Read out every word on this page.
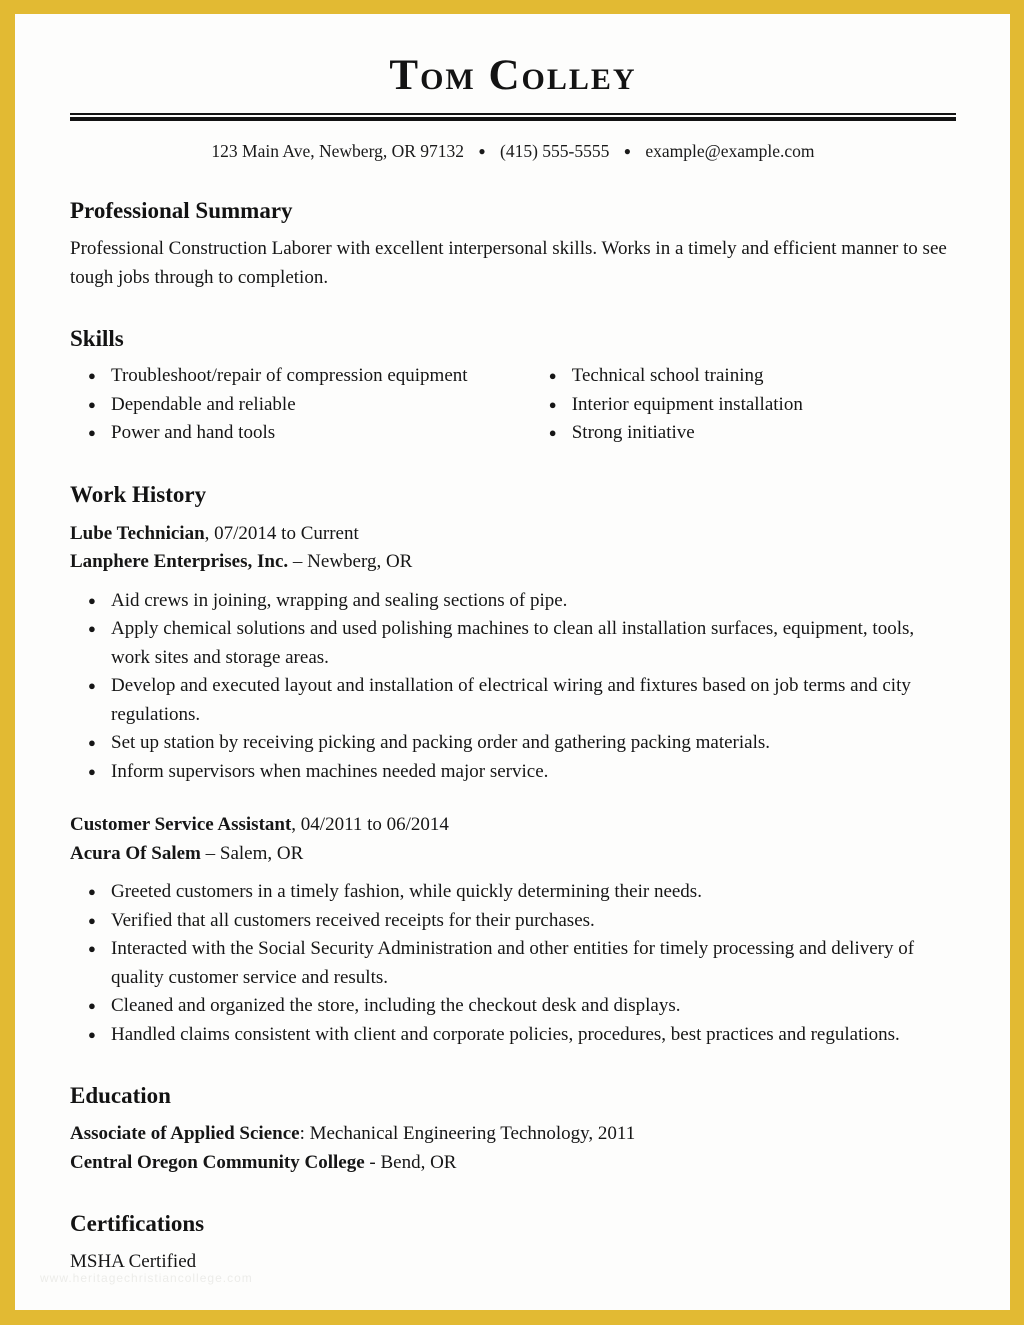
Tom Colley
123 Main Ave, Newberg, OR 97132 ● (415) 555-5555 ● example@example.com
Professional Summary

Professional Construction Laborer with excellent interpersonal skills. Works in a timely and efficient manner to see tough jobs through to completion.

Skills
● Troubleshoot/repair of compression equipment
● Dependable and reliable
● Power and hand tools
● Technical school training
● Interior equipment installation
● Strong initiative
Work History
Lube Technician, 07/2014 to Current
Lanphere Enterprises, Inc. – Newberg, OR
● Aid crews in joining, wrapping and sealing sections of pipe.
● Apply chemical solutions and used polishing machines to clean all installation surfaces, equipment, tools, work sites and storage areas.
● Develop and executed layout and installation of electrical wiring and fixtures based on job terms and city regulations.
● Set up station by receiving picking and packing order and gathering packing materials.
● Inform supervisors when machines needed major service.
Customer Service Assistant, 04/2011 to 06/2014
Acura Of Salem – Salem, OR
● Greeted customers in a timely fashion, while quickly determining their needs.
● Verified that all customers received receipts for their purchases.
● Interacted with the Social Security Administration and other entities for timely processing and delivery of quality customer service and results.
● Cleaned and organized the store, including the checkout desk and displays.
● Handled claims consistent with client and corporate policies, procedures, best practices and regulations.
Education
Associate of Applied Science: Mechanical Engineering Technology, 2011
Central Oregon Community College - Bend, OR
Certifications

MSHA Certified

www.heritagechristiancollege.com
